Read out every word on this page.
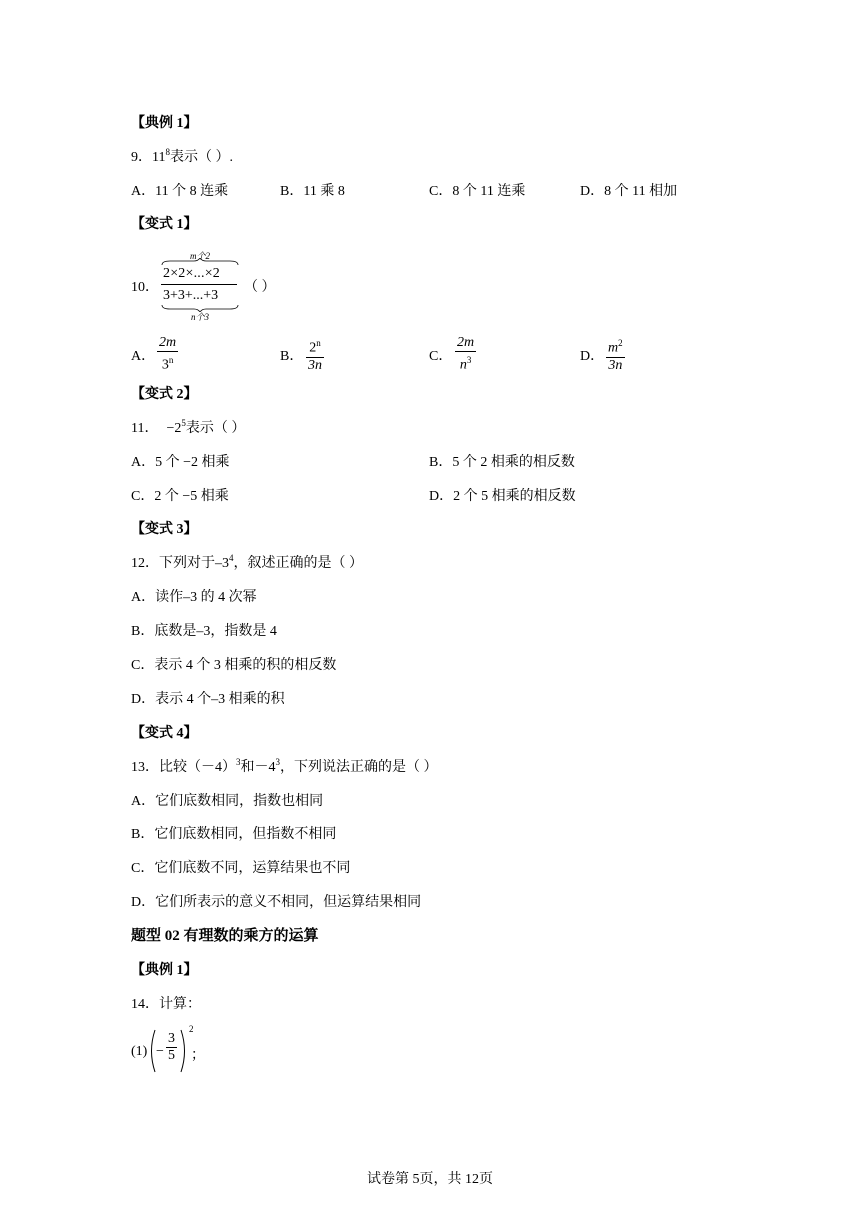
【典例 1】
9．$11^8$表示（ ）.
A．11 个 8 连乘	B．11 乘 8	C．8 个 11 连乘	D．8 个 11 相加
【变式 1】
10．
m个2
2×2×...×2
3+3+...+3
n个3
（ ）
A． $\frac{2m}{3^n}$	B． $\frac{2^n}{3n}$	C． $\frac{2m}{n^3}$	D． $\frac{m^2}{3n}$
【变式 2】
11． $-2^5$表示（ ）
A．5 个 −2 相乘	B．5 个 2 相乘的相反数
C．2 个 −5 相乘	D．2 个 5 相乘的相反数
【变式 3】
12．下列对于$-3^4$，叙述正确的是（ ）
A．读作–3 的 4 次幂
B．底数是–3，指数是 4
C．表示 4 个 3 相乘的积的相反数
D．表示 4 个–3 相乘的积
【变式 4】
13．比较$(-4)^3$和$-4^3$，下列说法正确的是（ ）
A．它们底数相同，指数也相同
B．它们底数相同，但指数不相同
C．它们底数不同，运算结果也不同
D．它们所表示的意义不相同，但运算结果相同
题型 02 有理数的乘方的运算
【典例 1】
14．计算：
$(1) - \frac{3}{5}$
2
；
试卷第 5页，共 12页
